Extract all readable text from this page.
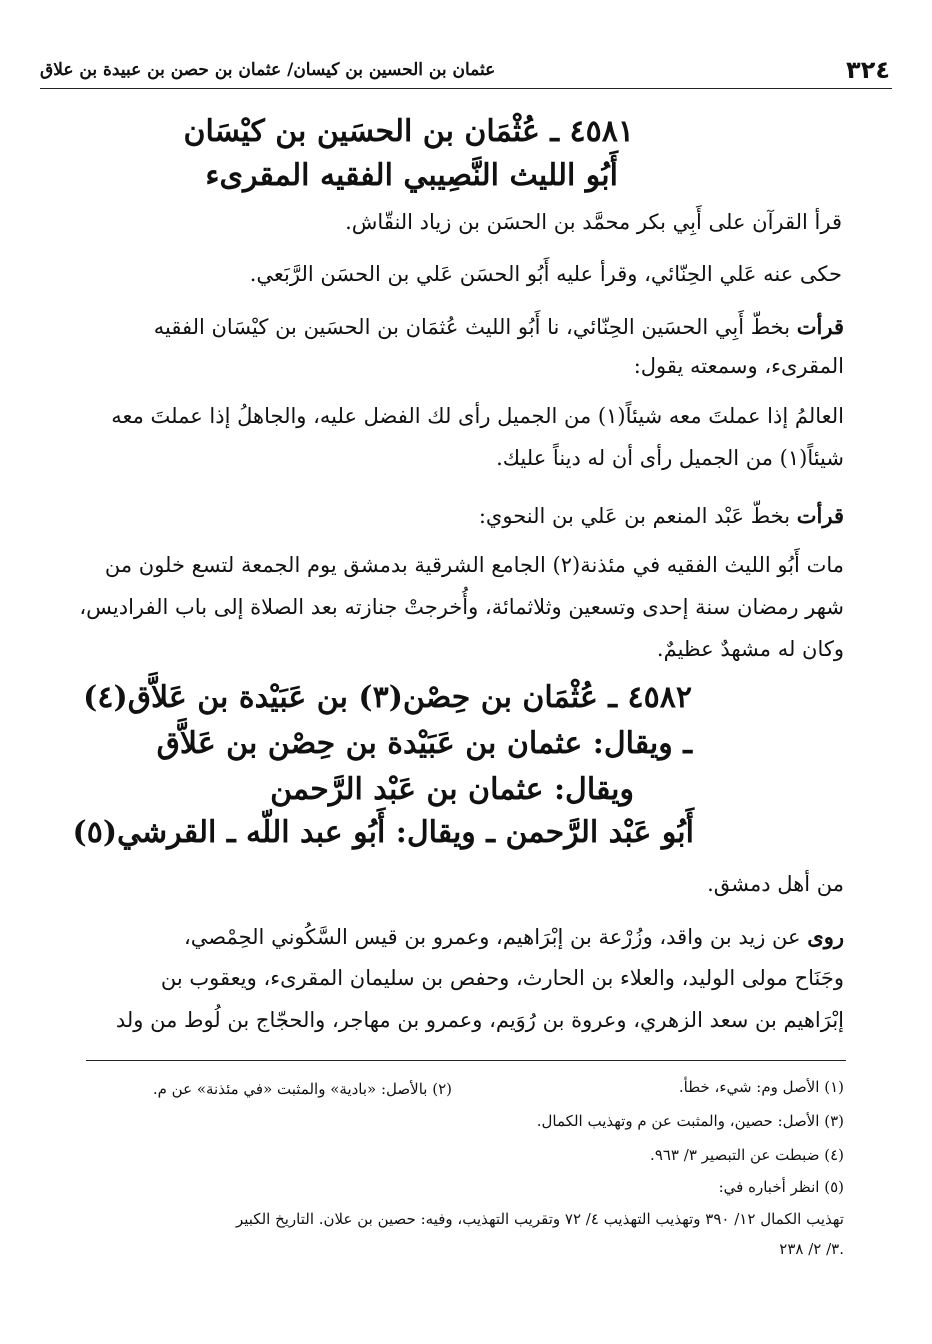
٣٢٤
عثمان بن الحسين بن كيسان/ عثمان بن حصن بن عبيدة بن علاق
٤٥٨١ ـ عُثْمَان بن الحسَين بن كيْسَان
أَبُو الليث النَّصِيبي الفقيه المقرىء
قرأ القرآن على أَبِي بكر محمَّد بن الحسَن بن زياد النقّاش.
حكى عنه عَلي الحِنّائي، وقرأ عليه أَبُو الحسَن عَلي بن الحسَن الرَّبَعي.
قرأت بخطّ أَبِي الحسَين الحِنّائي، نا أَبُو الليث عُثمَان بن الحسَين بن كيْسَان الفقيه
المقرىء، وسمعته يقول:
العالمُ إذا عملتَ معه شيئاً(١) من الجميل رأى لك الفضل عليه، والجاهلُ إذا عملتَ معه
شيئاً(١) من الجميل رأى أن له ديناً عليك.
قرأت بخطّ عَبْد المنعم بن عَلي بن النحوي:
مات أَبُو الليث الفقيه في مئذنة(٢) الجامع الشرقية بدمشق يوم الجمعة لتسع خلون من
شهر رمضان سنة إحدى وتسعين وثلاثمائة، وأُخرجتْ جنازته بعد الصلاة إلى باب الفراديس،
وكان له مشهدٌ عظيمٌ.
٤٥٨٢ ـ عُثْمَان بن حِصْن(٣) بن عَبَيْدة بن عَلاَّق(٤)
ـ ويقال: عثمان بن عَبَيْدة بن حِصْن بن عَلاَّق
ويقال: عثمان بن عَبْد الرَّحمن
أَبُو عَبْد الرَّحمن ـ ويقال: أَبُو عبد اللّه ـ القرشي(٥)
من أهل دمشق.
روى عن زيد بن واقد، وزُرْعة بن إبْرَاهيم، وعمرو بن قيس السَّكُوني الحِمْصي،
وجَنَاح مولى الوليد، والعلاء بن الحارث، وحفص بن سليمان المقرىء، ويعقوب بن
إبْرَاهيم بن سعد الزهري، وعروة بن رُوَيم، وعمرو بن مهاجر، والحجّاج بن لُوط من ولد
(١) الأصل وم: شيء، خطأ.
(٢) بالأصل: «بادية» والمثبت «في مئذنة» عن م.
(٣) الأصل: حصين، والمثبت عن م وتهذيب الكمال.
(٤) ضبطت عن التبصير ٣/ ٩٦٣.
(٥) انظر أخباره في:
تهذيب الكمال ١٢/ ٣٩٠ وتهذيب التهذيب ٤/ ٧٢ وتقريب التهذيب، وفيه: حصين بن علان. التاريخ الكبير
٣/ ٢/ ٢٣٨.
